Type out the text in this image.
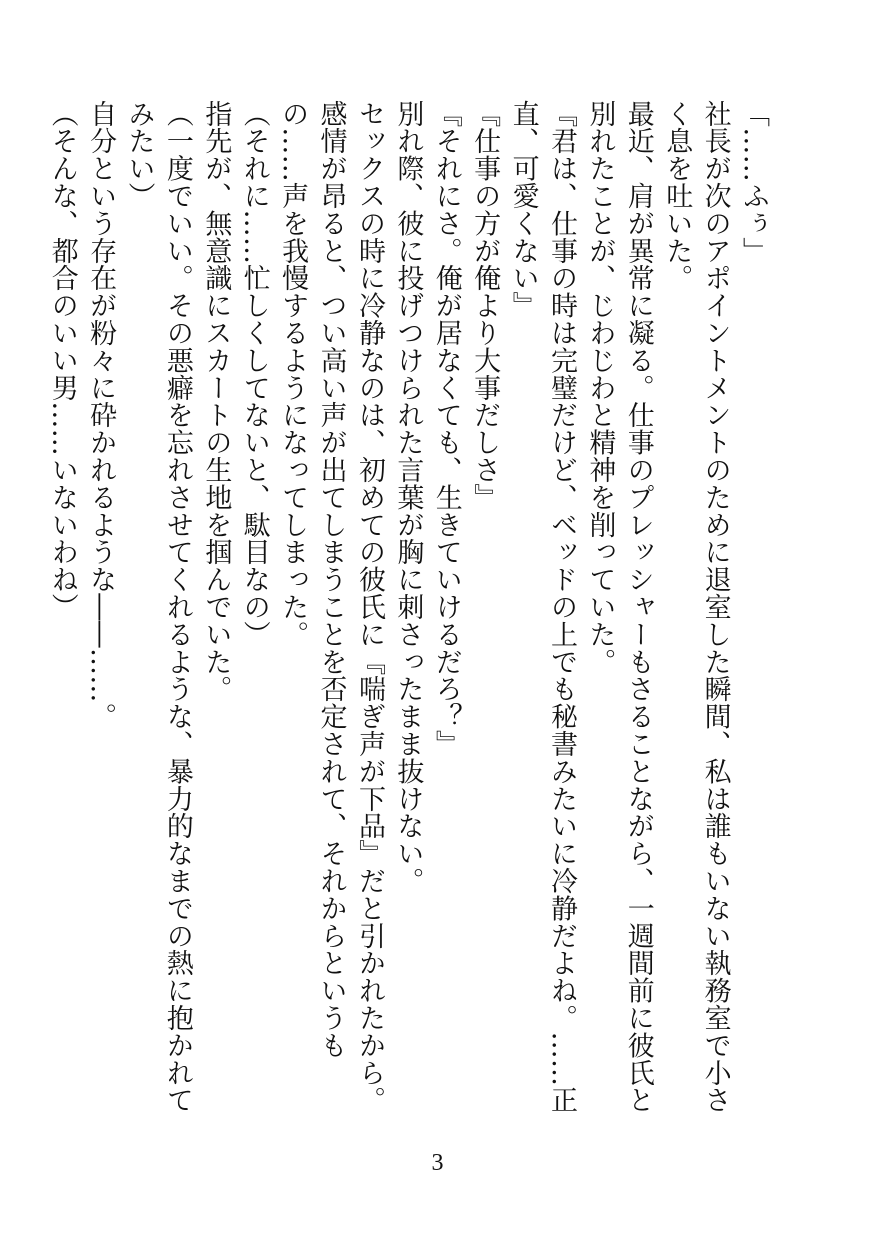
「……ふぅ」

社長が次のアポイントメントのために退室した瞬間、私は誰もいない執務室で小さく息を吐いた。

最近、肩が異常に凝る。仕事のプレッシャーもさることながら、一週間前に彼氏と別れたことが、じわじわと精神を削っていた。

『君は、仕事の時は完璧だけど、ベッドの上でも秘書みたいに冷静だよね。……正直、可愛くない』

『仕事の方が俺より大事だしさ』

『それにさ。俺が居なくても、生きていけるだろ？』

別れ際、彼に投げつけられた言葉が胸に刺さったまま抜けない。

セックスの時に冷静なのは、初めての彼氏に『喘ぎ声が下品』だと引かれたから。感情が昂ると、つい高い声が出てしまうことを否定されて、それからというもの……声を我慢するようになってしまった。

（それに……忙しくしてないと、駄目なの）

指先が、無意識にスカートの生地を掴んでいた。

（一度でいい。その悪癖を忘れさせてくれるような、暴力的なまでの熱に抱かれてみたい）

自分という存在が粉々に砕かれるような――……。

（そんな、都合のいい男……いないわね）

3
